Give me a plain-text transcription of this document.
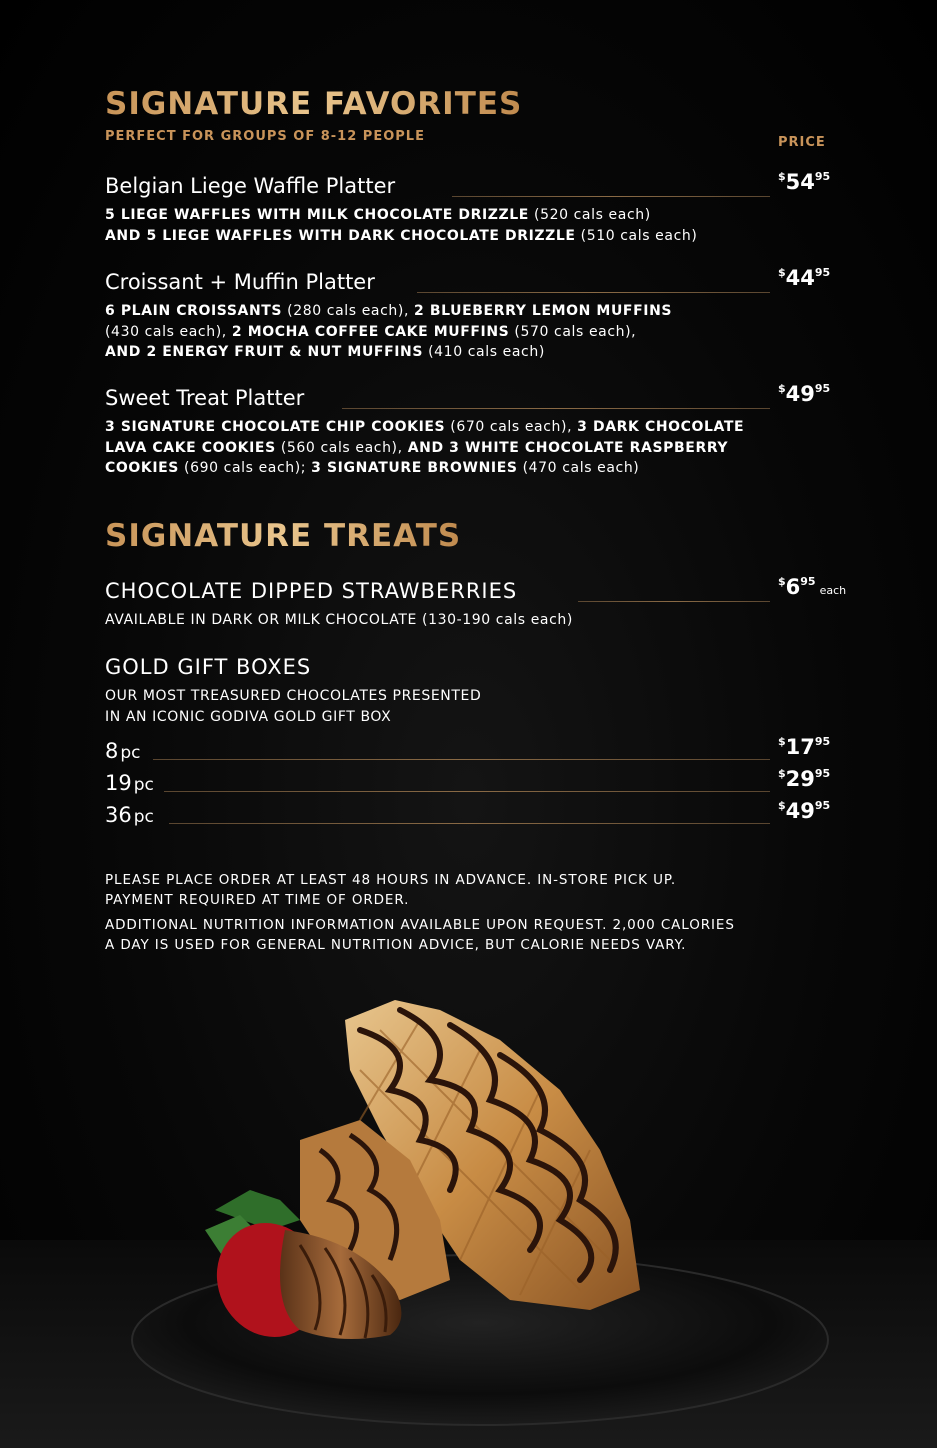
SIGNATURE FAVORITES
PERFECT FOR GROUPS OF 8-12 PEOPLE	PRICE
Belgian Liege Waffle Platter	$^{\$}54^{95}$
5 LIEGE WAFFLES WITH MILK CHOCOLATE DRIZZLE (520 cals each)
AND 5 LIEGE WAFFLES WITH DARK CHOCOLATE DRIZZLE (510 cals each)
Croissant + Muffin Platter	$^{\$}44^{95}$
6 PLAIN CROISSANTS (280 cals each), 2 BLUEBERRY LEMON MUFFINS
(430 cals each), 2 MOCHA COFFEE CAKE MUFFINS (570 cals each),
AND 2 ENERGY FRUIT & NUT MUFFINS (410 cals each)
Sweet Treat Platter	$^{\$}49^{95}$
3 SIGNATURE CHOCOLATE CHIP COOKIES (670 cals each), 3 DARK CHOCOLATE
LAVA CAKE COOKIES (560 cals each), AND 3 WHITE CHOCOLATE RASPBERRY
COOKIES (690 cals each); 3 SIGNATURE BROWNIES (470 cals each)
SIGNATURE TREATS
CHOCOLATE DIPPED STRAWBERRIES	$^{\$}6^{95}each$
AVAILABLE IN DARK OR MILK CHOCOLATE (130-190 cals each)
GOLD GIFT BOXES
OUR MOST TREASURED CHOCOLATES PRESENTED
IN AN ICONIC GODIVA GOLD GIFT BOX
8 pc
$^{\$}17^{95}$
19 pc
$^{\$}29^{95}$
36 pc
$^{\$}49^{95}$
PLEASE PLACE ORDER AT LEAST 48 HOURS IN ADVANCE. IN-STORE PICK UP.
PAYMENT REQUIRED AT TIME OF ORDER.
ADDITIONAL NUTRITION INFORMATION AVAILABLE UPON REQUEST. 2,000 CALORIES
A DAY IS USED FOR GENERAL NUTRITION ADVICE, BUT CALORIE NEEDS VARY.
